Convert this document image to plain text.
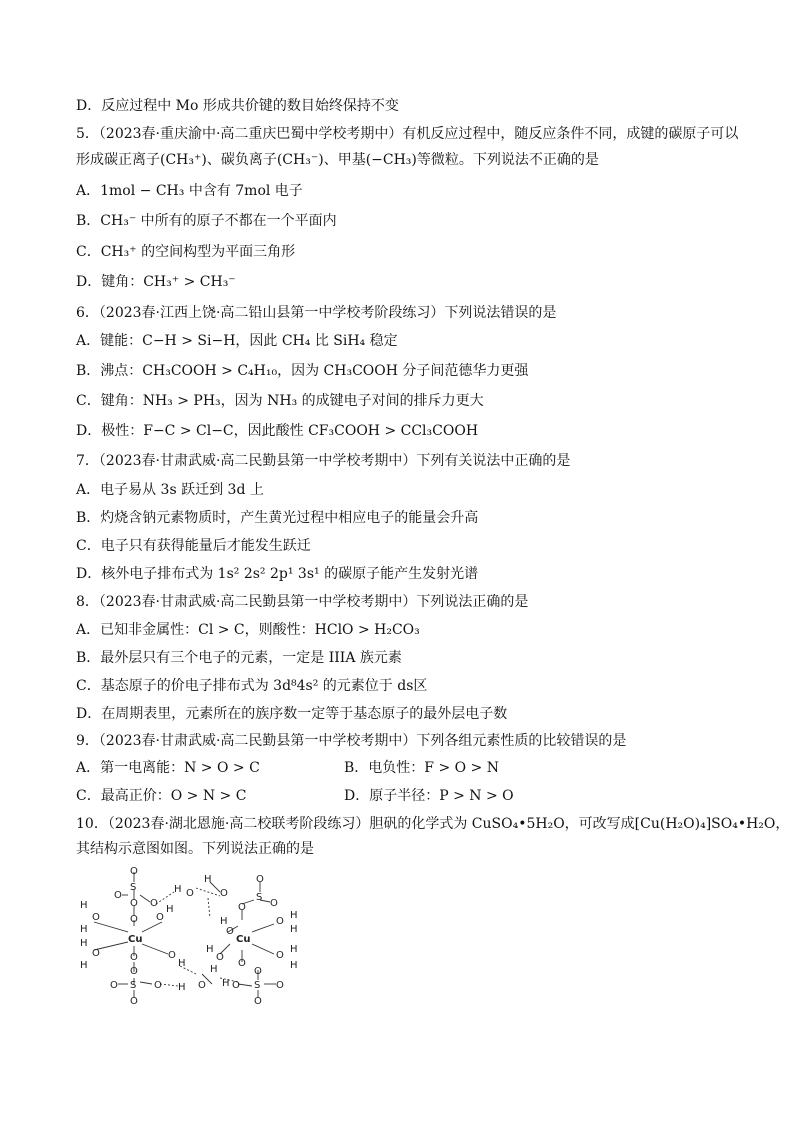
D．反应过程中 Mo 形成共价键的数目始终保持不变
5．（2023春·重庆渝中·高二重庆巴蜀中学校考期中）有机反应过程中，随反应条件不同，成键的碳原子可以
形成碳正离子(CH₃⁺)、碳负离子(CH₃⁻)、甲基(−CH₃)等微粒。下列说法不正确的是
A．1mol − CH₃ 中含有 7mol 电子
B．CH₃⁻ 中所有的原子不都在一个平面内
C．CH₃⁺ 的空间构型为平面三角形
D．键角：CH₃⁺ > CH₃⁻
6．（2023春·江西上饶·高二铅山县第一中学校考阶段练习）下列说法错误的是
A．键能：C−H > Si−H，因此 CH₄ 比 SiH₄ 稳定
B．沸点：CH₃COOH > C₄H₁₀，因为 CH₃COOH 分子间范德华力更强
C．键角：NH₃ > PH₃，因为 NH₃ 的成键电子对间的排斥力更大
D．极性：F−C > Cl−C，因此酸性 CF₃COOH > CCl₃COOH
7．（2023春·甘肃武威·高二民勤县第一中学校考期中）下列有关说法中正确的是
A．电子易从 3s 跃迁到 3d 上
B．灼烧含钠元素物质时，产生黄光过程中相应电子的能量会升高
C．电子只有获得能量后才能发生跃迁
D．核外电子排布式为 1s² 2s² 2p¹ 3s¹ 的碳原子能产生发射光谱
8．（2023春·甘肃武威·高二民勤县第一中学校考期中）下列说法正确的是
A．已知非金属性：Cl > C，则酸性：HClO > H₂CO₃
B．最外层只有三个电子的元素，一定是 IIIA 族元素
C．基态原子的价电子排布式为 3d⁸4s² 的元素位于 ds区
D．在周期表里，元素所在的族序数一定等于基态原子的最外层电子数
9．（2023春·甘肃武威·高二民勤县第一中学校考期中）下列各组元素性质的比较错误的是
A．第一电离能：N > O > C	B．电负性：F > O > N
C．最高正价：O > N > C	D．原子半径：P > N > O
10．（2023春·湖北恩施·高二校联考阶段练习）胆矾的化学式为 CuSO₄•5H₂O，可改写成[Cu(H₂O)₄]SO₄•H₂O，
其结构示意图如图。下列说法正确的是
O
S
O
O
O
O
H O
H
H
O
H
H
O
H
O
H
O
H
Cu
O
O
S
O
O
O H O
H
H
H
O
O
H
Cu
O
O
O
H
H
O
H
H
O
S
O
O
O
S O
O
O
